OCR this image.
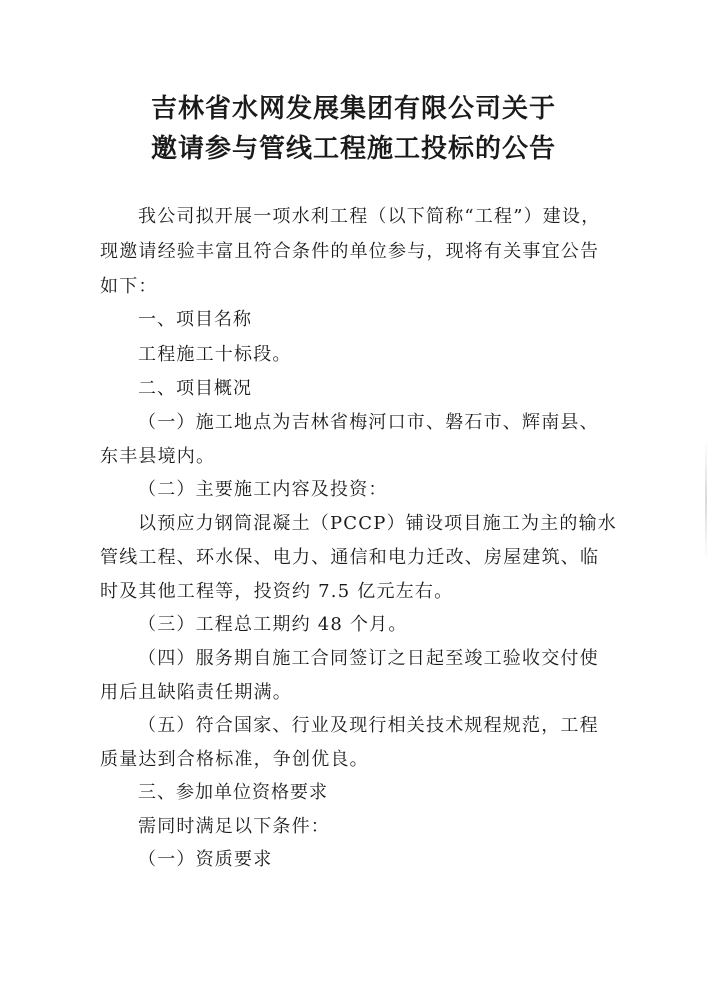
吉林省水网发展集团有限公司关于
邀请参与管线工程施工投标的公告
我公司拟开展一项水利工程（以下简称“工程”）建设，
现邀请经验丰富且符合条件的单位参与，现将有关事宜公告
如下：
一、项目名称
工程施工十标段。
二、项目概况
（一）施工地点为吉林省梅河口市、磐石市、辉南县、
东丰县境内。
（二）主要施工内容及投资：
以预应力钢筒混凝土（PCCP）铺设项目施工为主的输水
管线工程、环水保、电力、通信和电力迁改、房屋建筑、临
时及其他工程等，投资约 7.5 亿元左右。
（三）工程总工期约 48 个月。
（四）服务期自施工合同签订之日起至竣工验收交付使
用后且缺陷责任期满。
（五）符合国家、行业及现行相关技术规程规范，工程
质量达到合格标准，争创优良。
三、参加单位资格要求
需同时满足以下条件：
（一）资质要求
